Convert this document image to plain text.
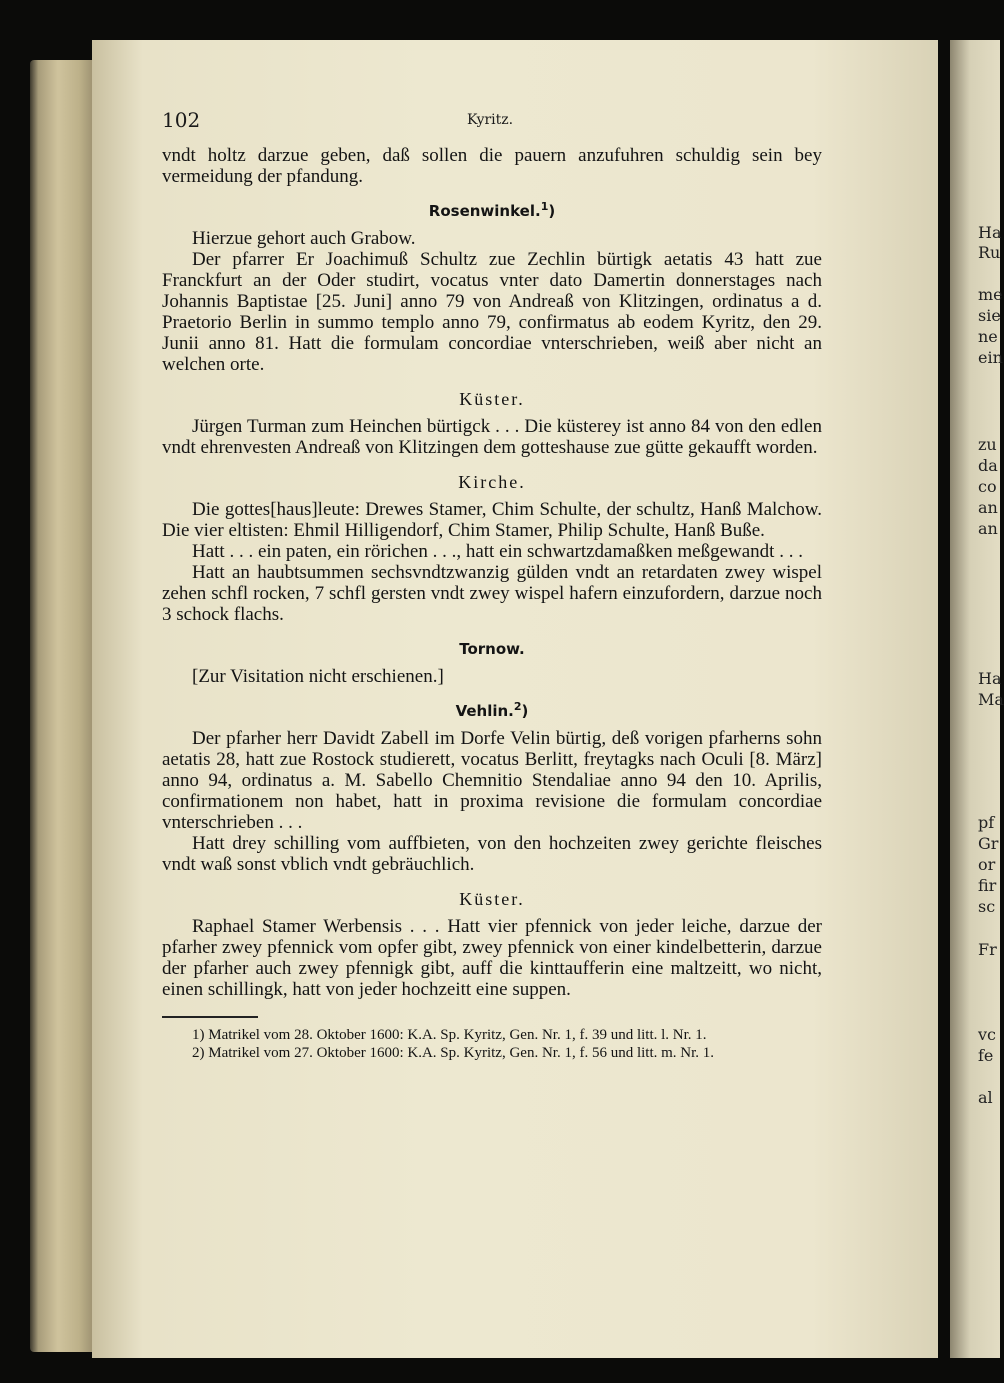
Ha
Ru
me
sie
ne
ein
zu
da
co
an
an
Ha
Ma
pf
Gr
or
fir
sc
Fr
vc
fe
al
102	Kyritz.

vndt holtz darzue geben, daß sollen die pauern anzufuhren schuldig sein bey vermeidung der pfandung.

Rosenwinkel.$^1$)

Hierzue gehort auch Grabow.

Der pfarrer Er Joachimuß Schultz zue Zechlin bürtigk aetatis 43 hatt zue Franckfurt an der Oder studirt, vocatus vnter dato Damertin donnerstages nach Johannis Baptistae [25. Juni] anno 79 von Andreaß von Klitzingen, ordinatus a d. Praetorio Berlin in summo templo anno 79, confirmatus ab eodem Kyritz, den 29. Junii anno 81. Hatt die formulam concordiae vnterschrieben, weiß aber nicht an welchen orte.

Küster.

Jürgen Turman zum Heinchen bürtigck . . . Die küsterey ist anno 84 von den edlen vndt ehrenvesten Andreaß von Klitzingen dem gotteshause zue gütte gekaufft worden.

Kirche.

Die gottes[haus]leute: Drewes Stamer, Chim Schulte, der schultz, Hanß Malchow. Die vier eltisten: Ehmil Hilligendorf, Chim Stamer, Philip Schulte, Hanß Buße.

Hatt . . . ein paten, ein rörichen . . ., hatt ein schwartzdamaßken meßgewandt . . .

Hatt an haubtsummen sechsvndtzwanzig gülden vndt an retardaten zwey wispel zehen schfl rocken, 7 schfl gersten vndt zwey wispel hafern einzufordern, darzue noch 3 schock flachs.

Tornow.

[Zur Visitation nicht erschienen.]

Vehlin.$^2$)

Der pfarher herr Davidt Zabell im Dorfe Velin bürtig, deß vorigen pfarherns sohn aetatis 28, hatt zue Rostock studierett, vocatus Berlitt, freytagks nach Oculi [8. März] anno 94, ordinatus a. M. Sabello Chemnitio Stendaliae anno 94 den 10. Aprilis, confirmationem non habet, hatt in proxima revisione die formulam concordiae vnterschrieben . . .

Hatt drey schilling vom auffbieten, von den hochzeiten zwey gerichte fleisches vndt waß sonst vblich vndt gebräuchlich.

Küster.

Raphael Stamer Werbensis . . . Hatt vier pfennick von jeder leiche, darzue der pfarher zwey pfennick vom opfer gibt, zwey pfennick von einer kindelbetterin, darzue der pfarher auch zwey pfennigk gibt, auff die kinttaufferin eine maltzeitt, wo nicht, einen schillingk, hatt von jeder hochzeitt eine suppen.

1) Matrikel vom 28. Oktober 1600: K.A. Sp. Kyritz, Gen. Nr. 1, f. 39 und litt. l. Nr. 1.

2) Matrikel vom 27. Oktober 1600: K.A. Sp. Kyritz, Gen. Nr. 1, f. 56 und litt. m. Nr. 1.
